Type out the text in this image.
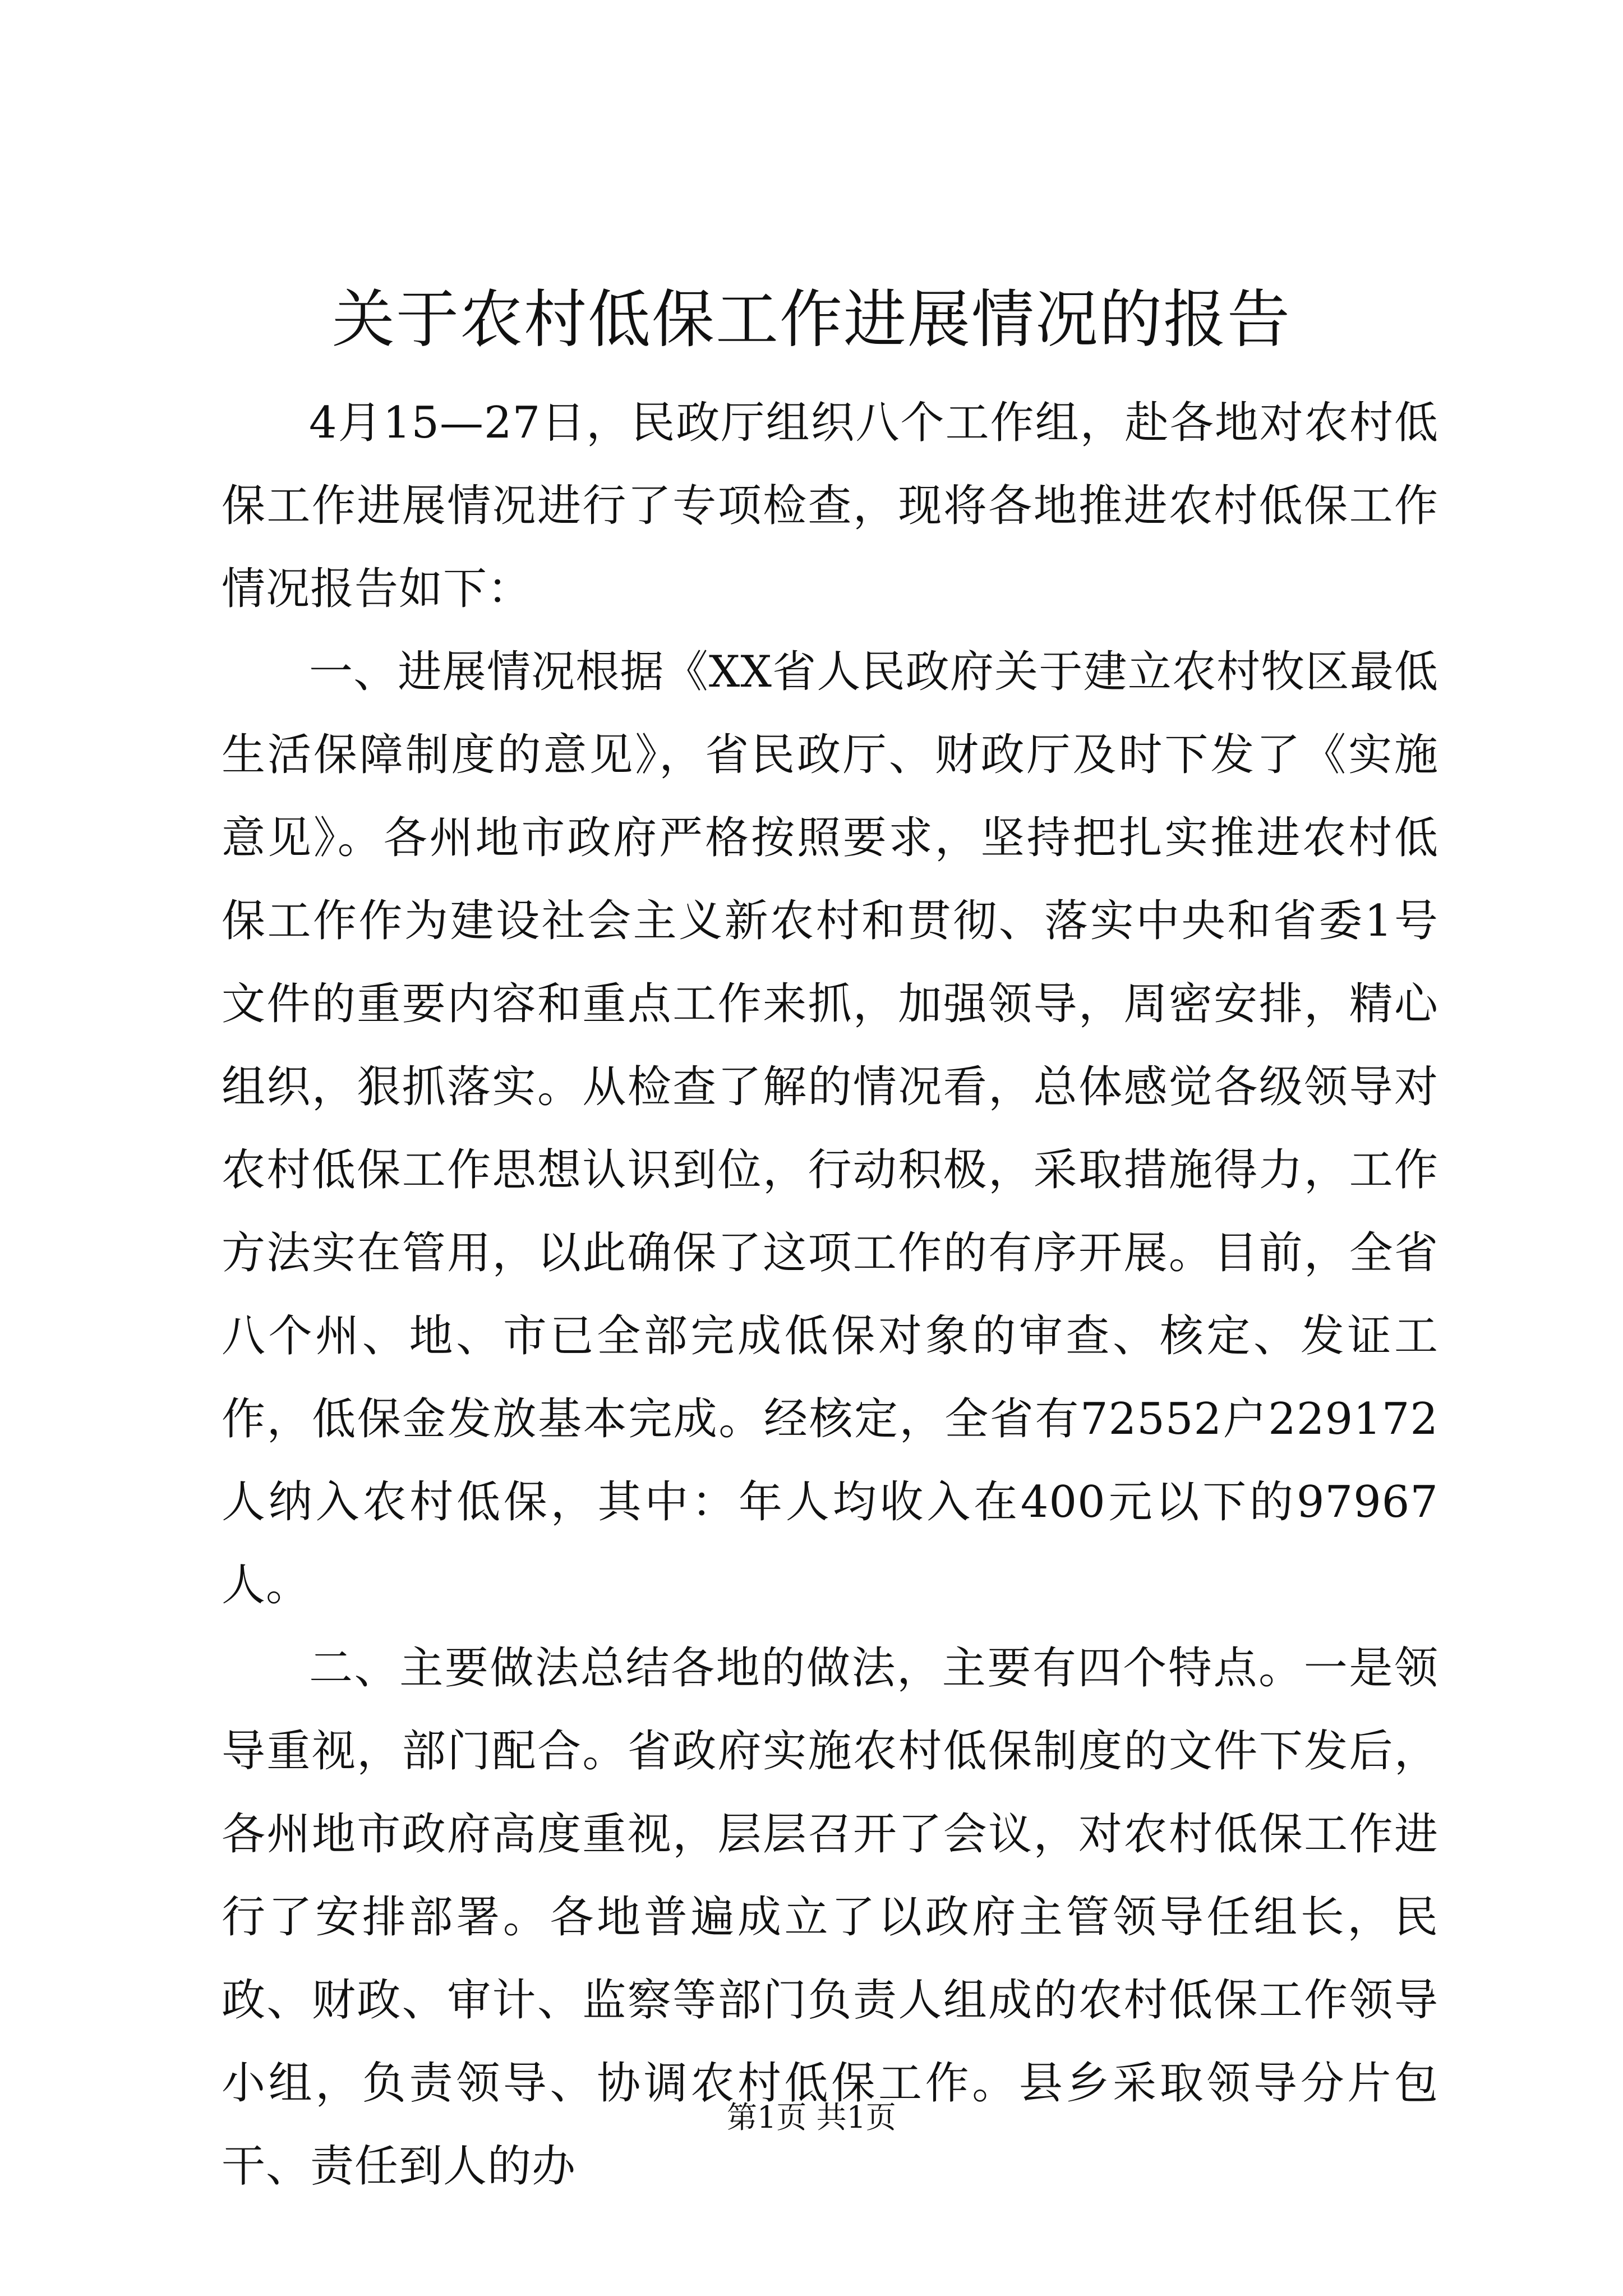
关于农村低保工作进展情况的报告

4月15—27日，民政厅组织八个工作组，赴各地对农村低保工作进展情况进行了专项检查，现将各地推进农村低保工作情况报告如下：

一、进展情况根据《XX省人民政府关于建立农村牧区最低生活保障制度的意见》，省民政厅、财政厅及时下发了《实施意见》。各州地市政府严格按照要求，坚持把扎实推进农村低保工作作为建设社会主义新农村和贯彻、落实中央和省委1号文件的重要内容和重点工作来抓，加强领导，周密安排，精心组织，狠抓落实。从检查了解的情况看，总体感觉各级领导对农村低保工作思想认识到位，行动积极，采取措施得力，工作方法实在管用，以此确保了这项工作的有序开展。目前，全省八个州、地、市已全部完成低保对象的审查、核定、发证工作，低保金发放基本完成。经核定，全省有72552户229172人纳入农村低保，其中：年人均收入在400元以下的97967人。

二、主要做法总结各地的做法，主要有四个特点。一是领导重视，部门配合。省政府实施农村低保制度的文件下发后，各州地市政府高度重视，层层召开了会议，对农村低保工作进行了安排部署。各地普遍成立了以政府主管领导任组长，民政、财政、审计、监察等部门负责人组成的农村低保工作领导小组，负责领导、协调农村低保工作。县乡采取领导分片包干、责任到人的办

第1页 共1页
